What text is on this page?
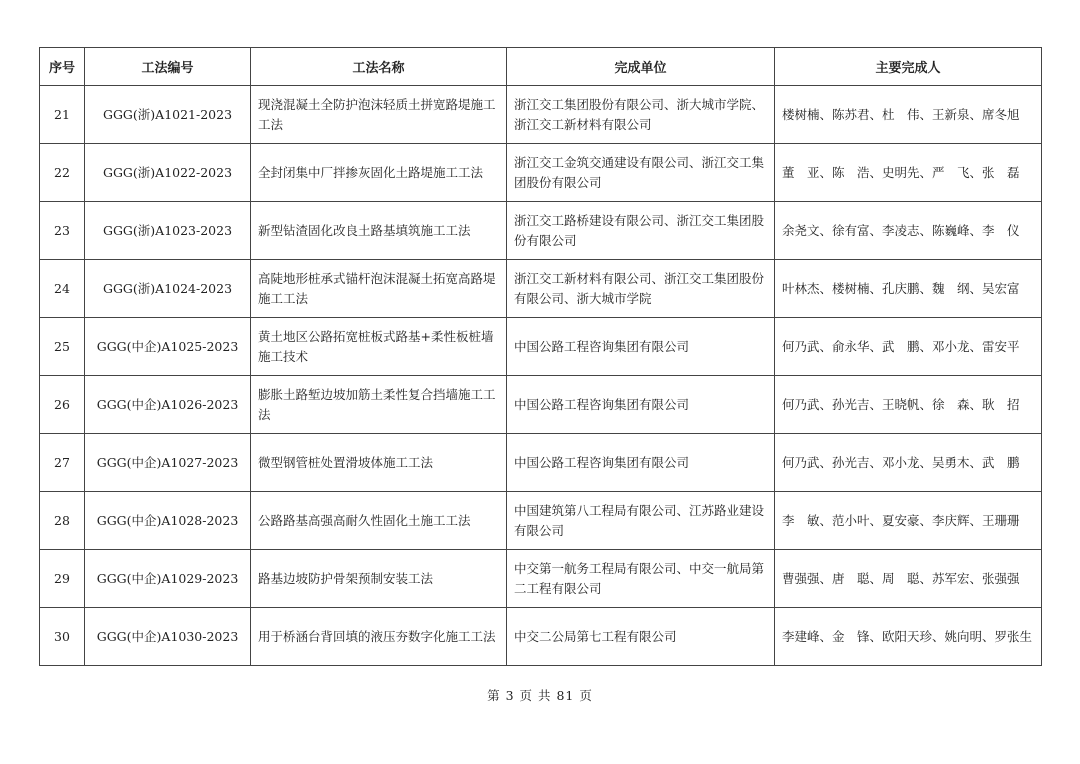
序号	工法编号	工法名称	完成单位	主要完成人
21	GGG(浙)A1021-2023	现浇混凝土全防护泡沫轻质土拼宽路堤施工工法	浙江交工集团股份有限公司、浙大城市学院、浙江交工新材料有限公司	楼树楠、陈苏君、杜　伟、王新泉、席冬旭
22	GGG(浙)A1022-2023	全封闭集中厂拌掺灰固化土路堤施工工法	浙江交工金筑交通建设有限公司、浙江交工集团股份有限公司	董　亚、陈　浩、史明先、严　飞、张　磊
23	GGG(浙)A1023-2023	新型钻渣固化改良土路基填筑施工工法	浙江交工路桥建设有限公司、浙江交工集团股份有限公司	余尧文、徐有富、李凌志、陈巍峰、李　仪
24	GGG(浙)A1024-2023	高陡地形桩承式锚杆泡沫混凝土拓宽高路堤施工工法	浙江交工新材料有限公司、浙江交工集团股份有限公司、浙大城市学院	叶林杰、楼树楠、孔庆鹏、魏　纲、吴宏富
25	GGG(中企)A1025-2023	黄土地区公路拓宽桩板式路基+柔性板桩墙施工技术	中国公路工程咨询集团有限公司	何乃武、俞永华、武　鹏、邓小龙、雷安平
26	GGG(中企)A1026-2023	膨胀土路堑边坡加筋土柔性复合挡墙施工工法	中国公路工程咨询集团有限公司	何乃武、孙光吉、王晓帆、徐　森、耿　招
27	GGG(中企)A1027-2023	微型钢管桩处置滑坡体施工工法	中国公路工程咨询集团有限公司	何乃武、孙光吉、邓小龙、吴勇木、武　鹏
28	GGG(中企)A1028-2023	公路路基高强高耐久性固化土施工工法	中国建筑第八工程局有限公司、江苏路业建设有限公司	李　敏、范小叶、夏安豪、李庆辉、王珊珊
29	GGG(中企)A1029-2023	路基边坡防护骨架预制安装工法	中交第一航务工程局有限公司、中交一航局第二工程有限公司	曹强强、唐　聪、周　聪、苏军宏、张强强
30	GGG(中企)A1030-2023	用于桥涵台背回填的液压夯数字化施工工法	中交二公局第七工程有限公司	李建峰、金　锋、欧阳天珍、姚向明、罗张生
第 3 页 共 81 页
